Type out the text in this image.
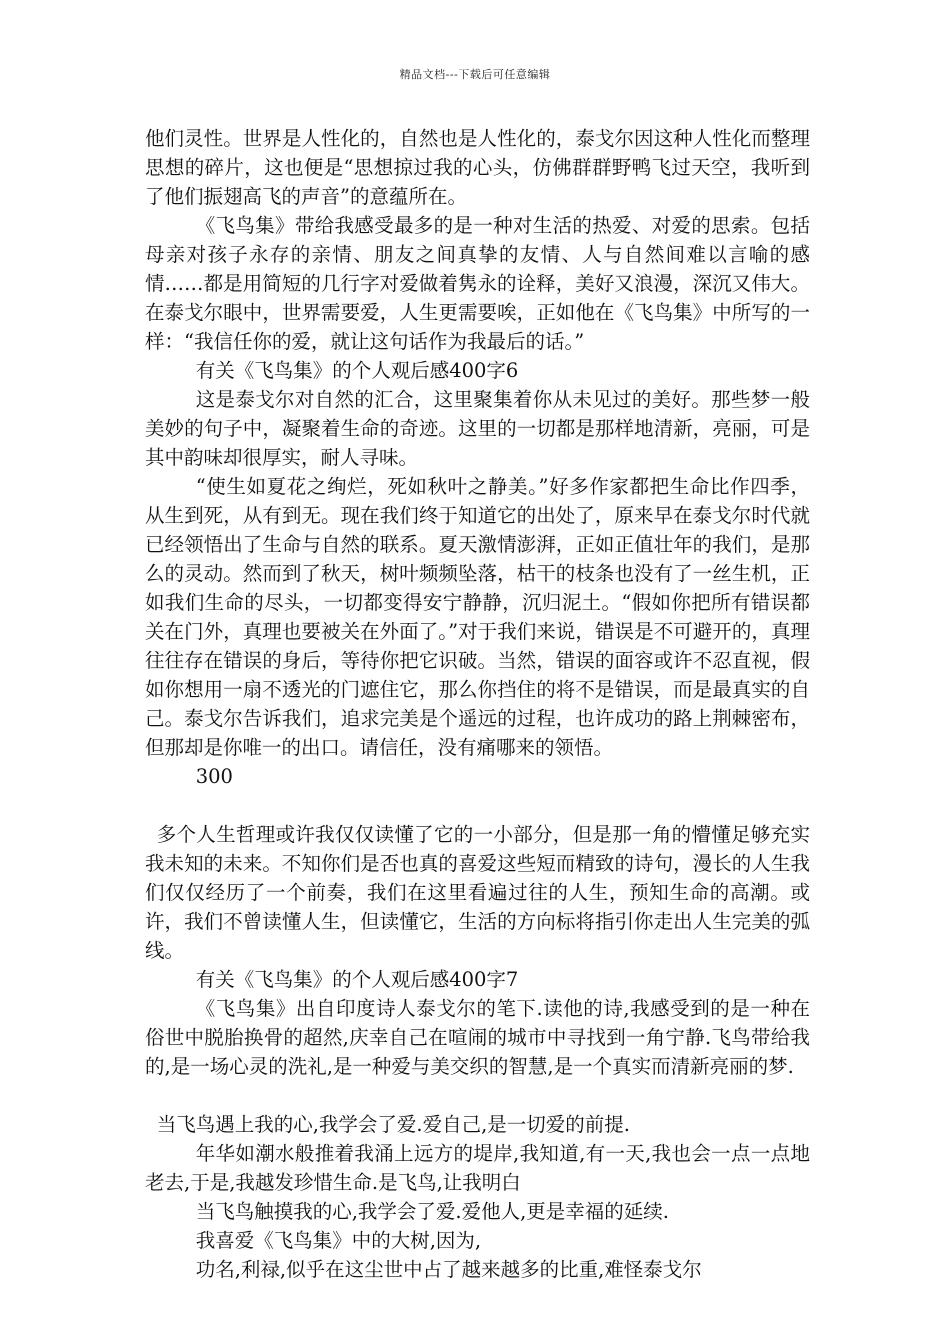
精品文档---下载后可任意编辑

他们灵性。世界是人性化的，自然也是人性化的，泰戈尔因这种人性化而整理思想的碎片，这也便是“思想掠过我的心头，仿佛群群野鸭飞过天空，我听到了他们振翅高飞的声音”的意蕴所在。

《飞鸟集》带给我感受最多的是一种对生活的热爱、对爱的思索。包括母亲对孩子永存的亲情、朋友之间真挚的友情、人与自然间难以言喻的感情……都是用简短的几行字对爱做着隽永的诠释，美好又浪漫，深沉又伟大。在泰戈尔眼中，世界需要爱，人生更需要唉，正如他在《飞鸟集》中所写的一样：“我信任你的爱，就让这句话作为我最后的话。”

有关《飞鸟集》的个人观后感400字6

这是泰戈尔对自然的汇合，这里聚集着你从未见过的美好。那些梦一般美妙的句子中，凝聚着生命的奇迹。这里的一切都是那样地清新，亮丽，可是其中韵味却很厚实，耐人寻味。

“使生如夏花之绚烂，死如秋叶之静美。”好多作家都把生命比作四季，从生到死，从有到无。现在我们终于知道它的出处了，原来早在泰戈尔时代就已经领悟出了生命与自然的联系。夏天激情澎湃，正如正值壮年的我们，是那么的灵动。然而到了秋天，树叶频频坠落，枯干的枝条也没有了一丝生机，正如我们生命的尽头，一切都变得安宁静静，沉归泥土。“假如你把所有错误都关在门外，真理也要被关在外面了。”对于我们来说，错误是不可避开的，真理往往存在错误的身后，等待你把它识破。当然，错误的面容或许不忍直视，假如你想用一扇不透光的门遮住它，那么你挡住的将不是错误，而是最真实的自己。泰戈尔告诉我们，追求完美是个遥远的过程，也许成功的路上荆棘密布，但那却是你唯一的出口。请信任，没有痛哪来的领悟。

300

多个人生哲理或许我仅仅读懂了它的一小部分，但是那一角的懵懂足够充实我未知的未来。不知你们是否也真的喜爱这些短而精致的诗句，漫长的人生我们仅仅经历了一个前奏，我们在这里看遍过往的人生，预知生命的高潮。或许，我们不曾读懂人生，但读懂它，生活的方向标将指引你走出人生完美的弧线。

有关《飞鸟集》的个人观后感400字7

《飞鸟集》出自印度诗人泰戈尔的笔下.读他的诗,我感受到的是一种在俗世中脱胎换骨的超然,庆幸自己在喧闹的城市中寻找到一角宁静.飞鸟带给我的,是一场心灵的洗礼,是一种爱与美交织的智慧,是一个真实而清新亮丽的梦.

当飞鸟遇上我的心,我学会了爱.爱自己,是一切爱的前提.

年华如潮水般推着我涌上远方的堤岸,我知道,有一天,我也会一点一点地老去,于是,我越发珍惜生命.是飞鸟,让我明白

当飞鸟触摸我的心,我学会了爱.爱他人,更是幸福的延续.

我喜爱《飞鸟集》中的大树,因为,

功名,利禄,似乎在这尘世中占了越来越多的比重,难怪泰戈尔
